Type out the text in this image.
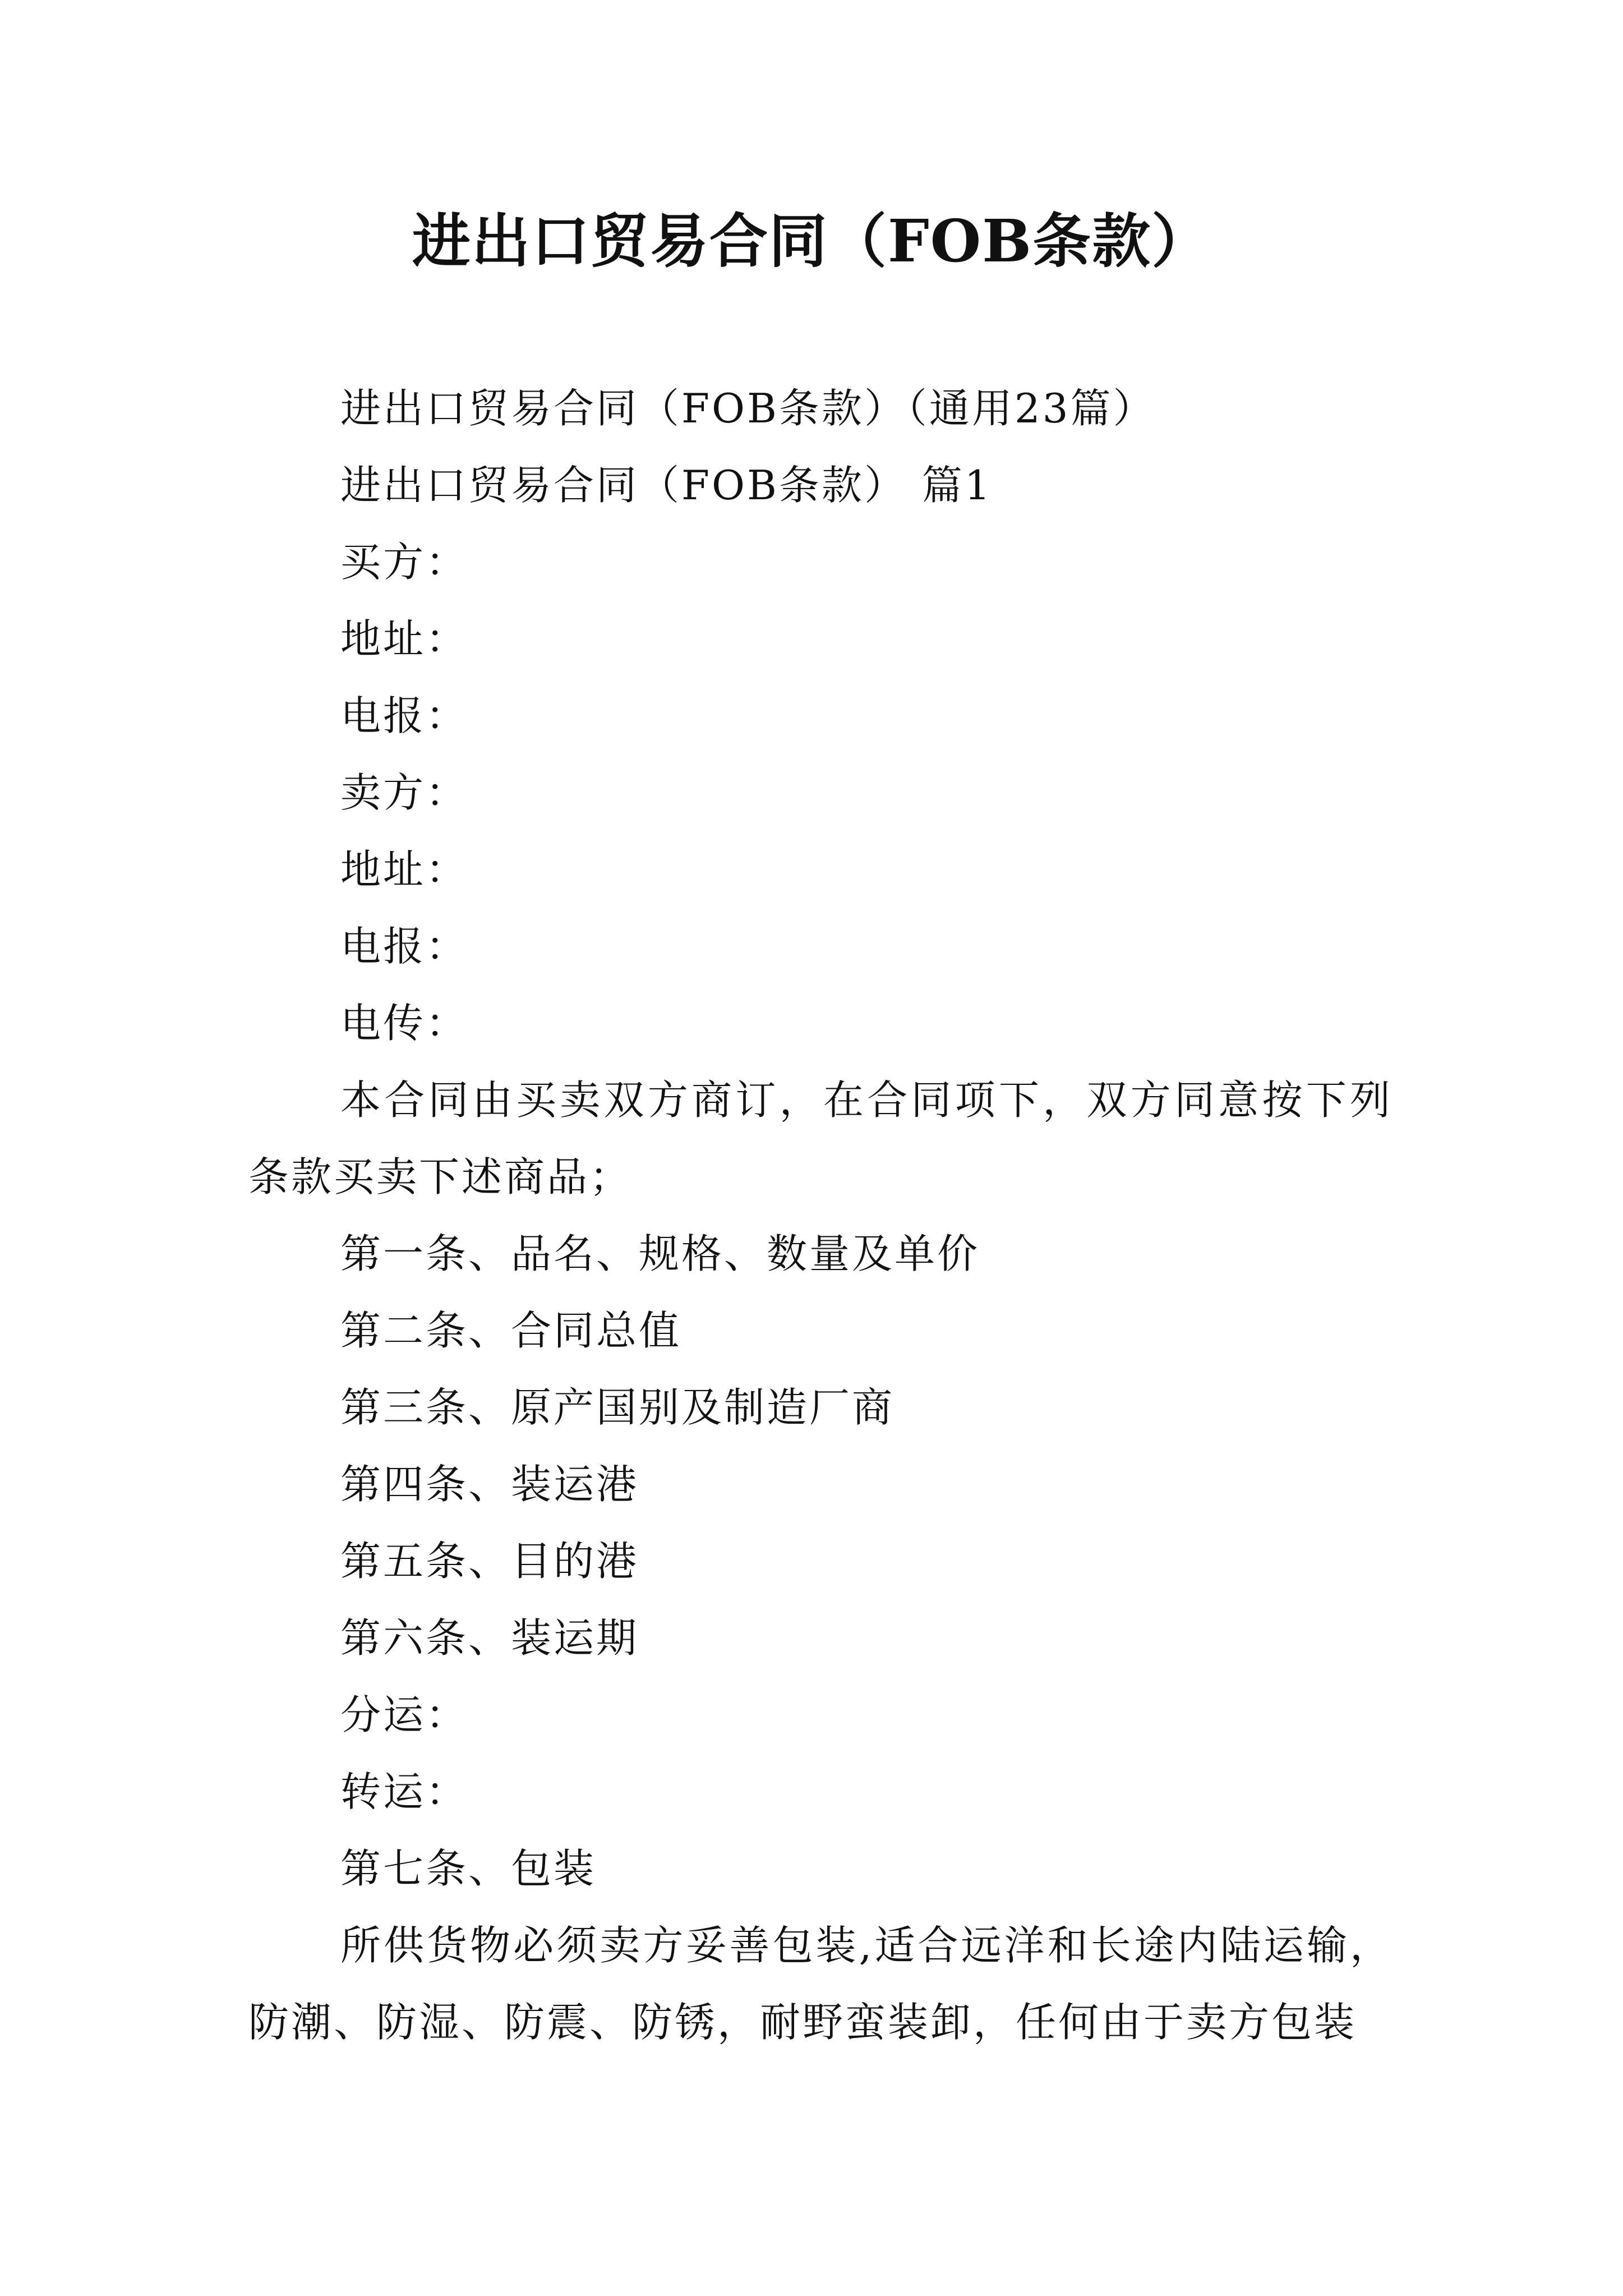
进出口贸易合同（FOB条款）

进出口贸易合同（FOB条款）（通用23篇）

进出口贸易合同（FOB条款） 篇1

买方：

地址：

电报：

卖方：

地址：

电报：

电传：

本合同由买卖双方商订，在合同项下，双方同意按下列条款买卖下述商品；

第一条、品名、规格、数量及单价

第二条、合同总值

第三条、原产国别及制造厂商

第四条、装运港

第五条、目的港

第六条、装运期

分运：

转运：

第七条、包装

所供货物必须卖方妥善包装,适合远洋和长途内陆运输，防潮、防湿、防震、防锈，耐野蛮装卸，任何由于卖方包装
